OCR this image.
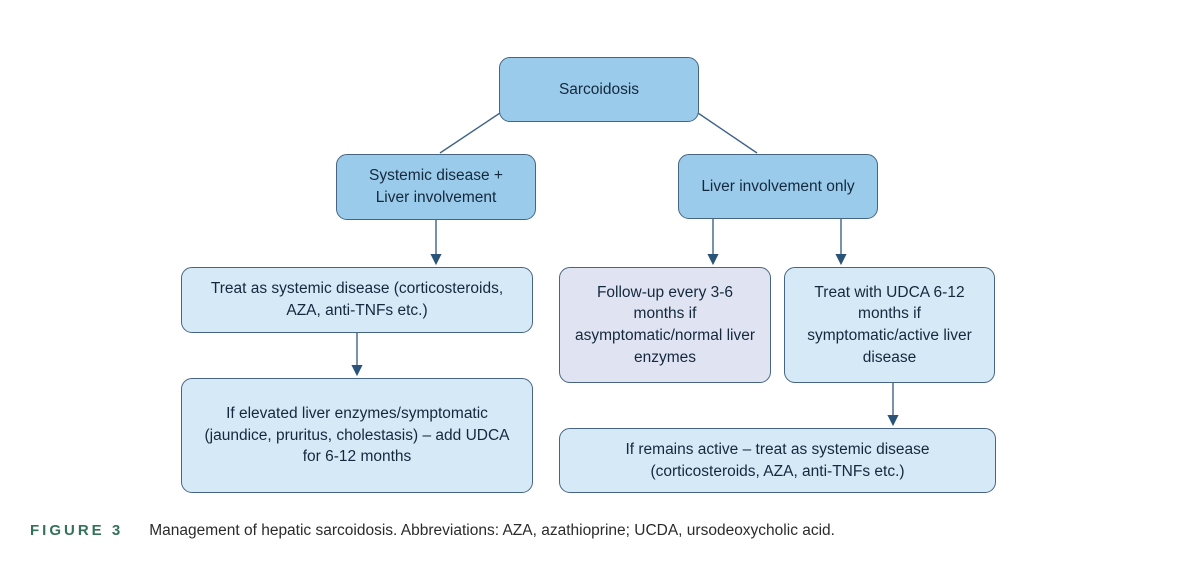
Sarcoidosis
Systemic disease + Liver involvement
Liver involvement only
Treat as systemic disease (corticosteroids, AZA, anti-TNFs etc.)
Follow-up every 3-6 months if asymptomatic/normal liver enzymes
Treat with UDCA 6-12 months if symptomatic/active liver disease
If elevated liver enzymes/symptomatic (jaundice, pruritus, cholestasis) – add UDCA for 6-12 months	If remains active – treat as systemic disease (corticosteroids, AZA, anti-TNFs etc.)
FIGURE 3 Management of hepatic sarcoidosis. Abbreviations: AZA, azathioprine; UCDA, ursodeoxycholic acid.
